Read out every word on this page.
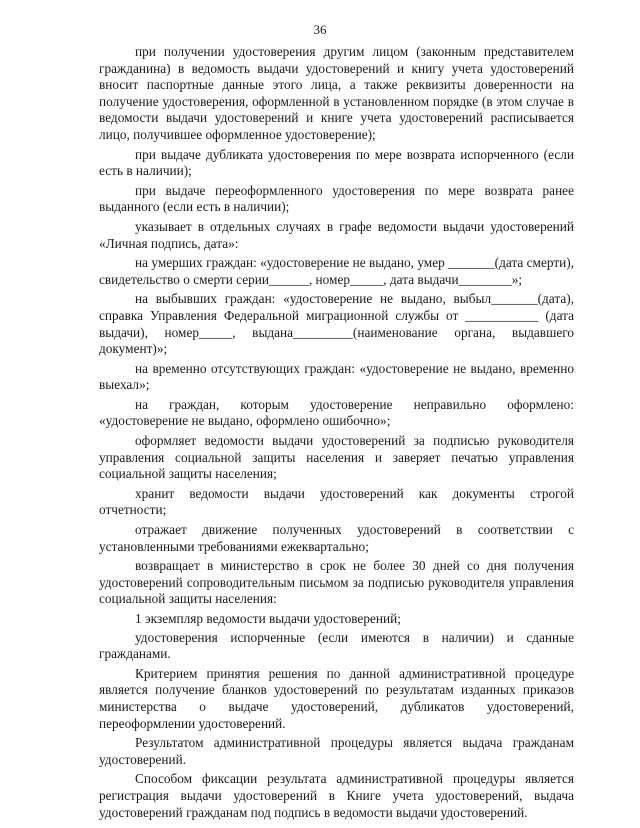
36

при получении удостоверения другим лицом (законным представителем гражданина) в ведомость выдачи удостоверений и книгу учета удостоверений вносит паспортные данные этого лица, а также реквизиты доверенности на получение удостоверения, оформленной в установленном порядке (в этом случае в ведомости выдачи удостоверений и книге учета удостоверений расписывается лицо, получившее оформленное удостоверение);

при выдаче дубликата удостоверения по мере возврата испорченного (если есть в наличии);

при выдаче переоформленного удостоверения по мере возврата ранее выданного (если есть в наличии);

указывает в отдельных случаях в графе ведомости выдачи удостоверений «Личная подпись, дата»:

на умерших граждан: «удостоверение не выдано, умер _______(дата смерти), свидетельство о смерти серии______, номер_____, дата выдачи________»;

на выбывших граждан: «удостоверение не выдано, выбыл_______(дата), справка Управления Федеральной миграционной службы от ___________ (дата выдачи), номер_____, выдана_________(наименование органа, выдавшего документ)»;

на временно отсутствующих граждан: «удостоверение не выдано, временно выехал»;

на граждан, которым удостоверение неправильно оформлено: «удостоверение не выдано, оформлено ошибочно»;

оформляет ведомости выдачи удостоверений за подписью руководителя управления социальной защиты населения и заверяет печатью управления социальной защиты населения;

хранит ведомости выдачи удостоверений как документы строгой отчетности;

отражает движение полученных удостоверений в соответствии с установленными требованиями ежеквартально;

возвращает в министерство в срок не более 30 дней со дня получения удостоверений сопроводительным письмом за подписью руководителя управления социальной защиты населения:

1 экземпляр ведомости выдачи удостоверений;

удостоверения испорченные (если имеются в наличии) и сданные гражданами.

Критерием принятия решения по данной административной процедуре является получение бланков удостоверений по результатам изданных приказов министерства о выдаче удостоверений, дубликатов удостоверений, переоформлении удостоверений.

Результатом административной процедуры является выдача гражданам удостоверений.

Способом фиксации результата административной процедуры является регистрация выдачи удостоверений в Книге учета удостоверений, выдача удостоверений гражданам под подпись в ведомости выдачи удостоверений.
